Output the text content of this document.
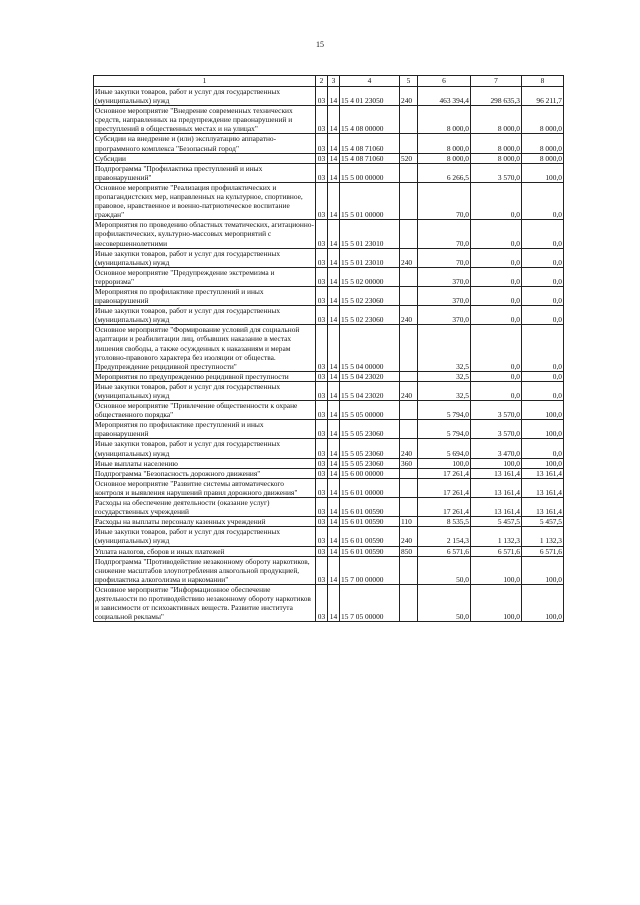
15
1	2	3	4	5	6	7	8
Иные закупки товаров, работ и услуг для государственных (муниципальных) нужд	03	14	15 4 01 23050	240	463 394,4	298 635,3	96 211,7
Основное мероприятие "Внедрение современных технических средств, направленных на предупреждение правонарушений и преступлений в общественных местах и на улицах"	03	14	15 4 08 00000		8 000,0	8 000,0	8 000,0
Субсидии на внедрение и (или) эксплуатацию аппаратно-программного комплекса "Безопасный город"	03	14	15 4 08 71060		8 000,0	8 000,0	8 000,0
Субсидии	03	14	15 4 08 71060	520	8 000,0	8 000,0	8 000,0
Подпрограмма "Профилактика преступлений и иных правонарушений"	03	14	15 5 00 00000		6 266,5	3 570,0	100,0
Основное мероприятие "Реализация профилактических и пропагандистских мер, направленных на культурное, спортивное, правовое, нравственное и военно-патриотическое воспитание граждан"	03	14	15 5 01 00000		70,0	0,0	0,0
Мероприятия по проведению областных тематических, агитационно-профилактических, культурно-массовых мероприятий с несовершеннолетними	03	14	15 5 01 23010		70,0	0,0	0,0
Иные закупки товаров, работ и услуг для государственных (муниципальных) нужд	03	14	15 5 01 23010	240	70,0	0,0	0,0
Основное мероприятие "Предупреждение экстремизма и терроризма"	03	14	15 5 02 00000		370,0	0,0	0,0
Мероприятия по профилактике преступлений и иных правонарушений	03	14	15 5 02 23060		370,0	0,0	0,0
Иные закупки товаров, работ и услуг для государственных (муниципальных) нужд	03	14	15 5 02 23060	240	370,0	0,0	0,0
Основное мероприятие "Формирование условий для социальной адаптации и реабилитации лиц, отбывших наказание в местах лишения свободы, а также осужденных к наказаниям и мерам уголовно-правового характера без изоляции от общества. Предупреждение рецидивной преступности"	03	14	15 5 04 00000		32,5	0,0	0,0
Мероприятия по предупреждению рецидивной преступности	03	14	15 5 04 23020		32,5	0,0	0,0
Иные закупки товаров, работ и услуг для государственных (муниципальных) нужд	03	14	15 5 04 23020	240	32,5	0,0	0,0
Основное мероприятие "Привлечение общественности к охране общественного порядка"	03	14	15 5 05 00000		5 794,0	3 570,0	100,0
Мероприятия по профилактике преступлений и иных правонарушений	03	14	15 5 05 23060		5 794,0	3 570,0	100,0
Иные закупки товаров, работ и услуг для государственных (муниципальных) нужд	03	14	15 5 05 23060	240	5 694,0	3 470,0	0,0
Иные выплаты населению	03	14	15 5 05 23060	360	100,0	100,0	100,0
Подпрограмма "Безопасность дорожного движения"	03	14	15 6 00 00000		17 261,4	13 161,4	13 161,4
Основное мероприятие "Развитие системы автоматического контроля и выявления нарушений правил дорожного движения"	03	14	15 6 01 00000		17 261,4	13 161,4	13 161,4
Расходы на обеспечение деятельности (оказание услуг) государственных учреждений	03	14	15 6 01 00590		17 261,4	13 161,4	13 161,4
Расходы на выплаты персоналу казенных учреждений	03	14	15 6 01 00590	110	8 535,5	5 457,5	5 457,5
Иные закупки товаров, работ и услуг для государственных (муниципальных) нужд	03	14	15 6 01 00590	240	2 154,3	1 132,3	1 132,3
Уплата налогов, сборов и иных платежей	03	14	15 6 01 00590	850	6 571,6	6 571,6	6 571,6
Подпрограмма "Противодействие незаконному обороту наркотиков, снижение масштабов злоупотребления алкогольной продукцией, профилактика алкоголизма и наркомании"	03	14	15 7 00 00000		50,0	100,0	100,0
Основное мероприятие "Информационное обеспечение деятельности по противодействию незаконному обороту наркотиков и зависимости от психоактивных веществ. Развитие института социальной рекламы"	03	14	15 7 05 00000		50,0	100,0	100,0
